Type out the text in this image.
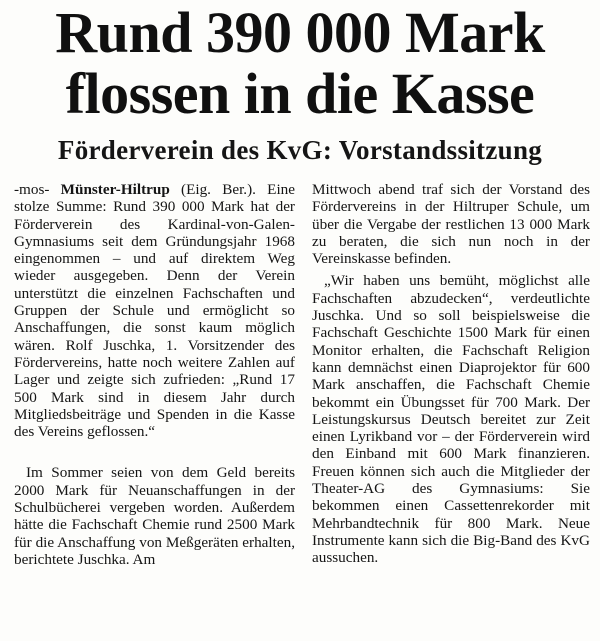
Rund 390 000 Mark
flossen in die Kasse
Förderverein des KvG: Vorstandssitzung

-mos- Münster-Hiltrup (Eig. Ber.). Eine stolze Summe: Rund 390 000 Mark hat der Förderverein des Kardinal-von-Galen-Gymnasiums seit dem Gründungsjahr 1968 eingenommen – und auf direktem Weg wieder ausgegeben. Denn der Verein unterstützt die einzelnen Fachschaften und Gruppen der Schule und ermöglicht so Anschaffungen, die sonst kaum möglich wären. Rolf Juschka, 1. Vorsitzender des Fördervereins, hatte noch weitere Zahlen auf Lager und zeigte sich zufrieden: „Rund 17 500 Mark sind in diesem Jahr durch Mitgliedsbeiträge und Spenden in die Kasse des Vereins geflossen.“

Im Sommer seien von dem Geld bereits 2000 Mark für Neuanschaffungen in der Schulbücherei vergeben worden. Außerdem hätte die Fachschaft Chemie rund 2500 Mark für die Anschaffung von Meßgeräten erhalten, berichtete Juschka. Am

Mittwoch abend traf sich der Vorstand des Fördervereins in der Hiltruper Schule, um über die Vergabe der restlichen 13 000 Mark zu beraten, die sich nun noch in der Vereinskasse befinden.

„Wir haben uns bemüht, möglichst alle Fachschaften abzudecken“, verdeutlichte Juschka. Und so soll beispielsweise die Fachschaft Geschichte 1500 Mark für einen Monitor erhalten, die Fachschaft Religion kann demnächst einen Diaprojektor für 600 Mark anschaffen, die Fachschaft Chemie bekommt ein Übungsset für 700 Mark. Der Leistungskursus Deutsch bereitet zur Zeit einen Lyrikband vor – der Förderverein wird den Einband mit 600 Mark finanzieren. Freuen können sich auch die Mitglieder der Theater-AG des Gymnasiums: Sie bekommen einen Cassettenrekorder mit Mehrbandtechnik für 800 Mark. Neue Instrumente kann sich die Big-Band des KvG aussuchen.
